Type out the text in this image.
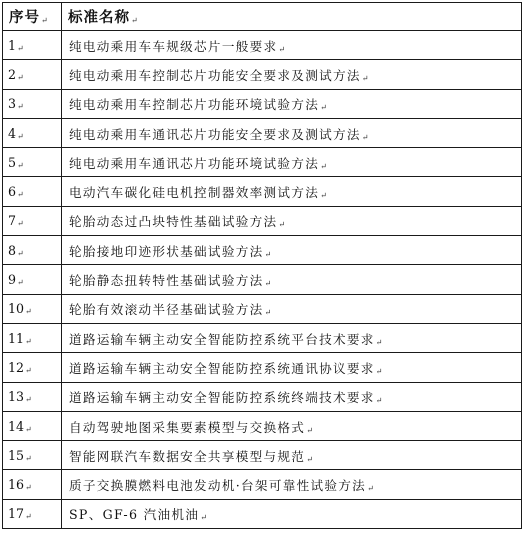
序号↵	标准名称↵
1↵	纯电动乘用车车规级芯片一般要求↵
2↵	纯电动乘用车控制芯片功能安全要求及测试方法↵
3↵	纯电动乘用车控制芯片功能环境试验方法↵
4↵	纯电动乘用车通讯芯片功能安全要求及测试方法↵
5↵	纯电动乘用车通讯芯片功能环境试验方法↵
6↵	电动汽车碳化硅电机控制器效率测试方法↵
7↵	轮胎动态过凸块特性基础试验方法↵
8↵	轮胎接地印迹形状基础试验方法↵
9↵	轮胎静态扭转特性基础试验方法↵
10↵	轮胎有效滚动半径基础试验方法↵
11↵	道路运输车辆主动安全智能防控系统平台技术要求↵
12↵	道路运输车辆主动安全智能防控系统通讯协议要求↵
13↵	道路运输车辆主动安全智能防控系统终端技术要求↵
14↵	自动驾驶地图采集要素模型与交换格式↵
15↵	智能网联汽车数据安全共享模型与规范↵
16↵	质子交换膜燃料电池发动机·台架可靠性试验方法↵
17↵	SP、GF-6 汽油机油↵
